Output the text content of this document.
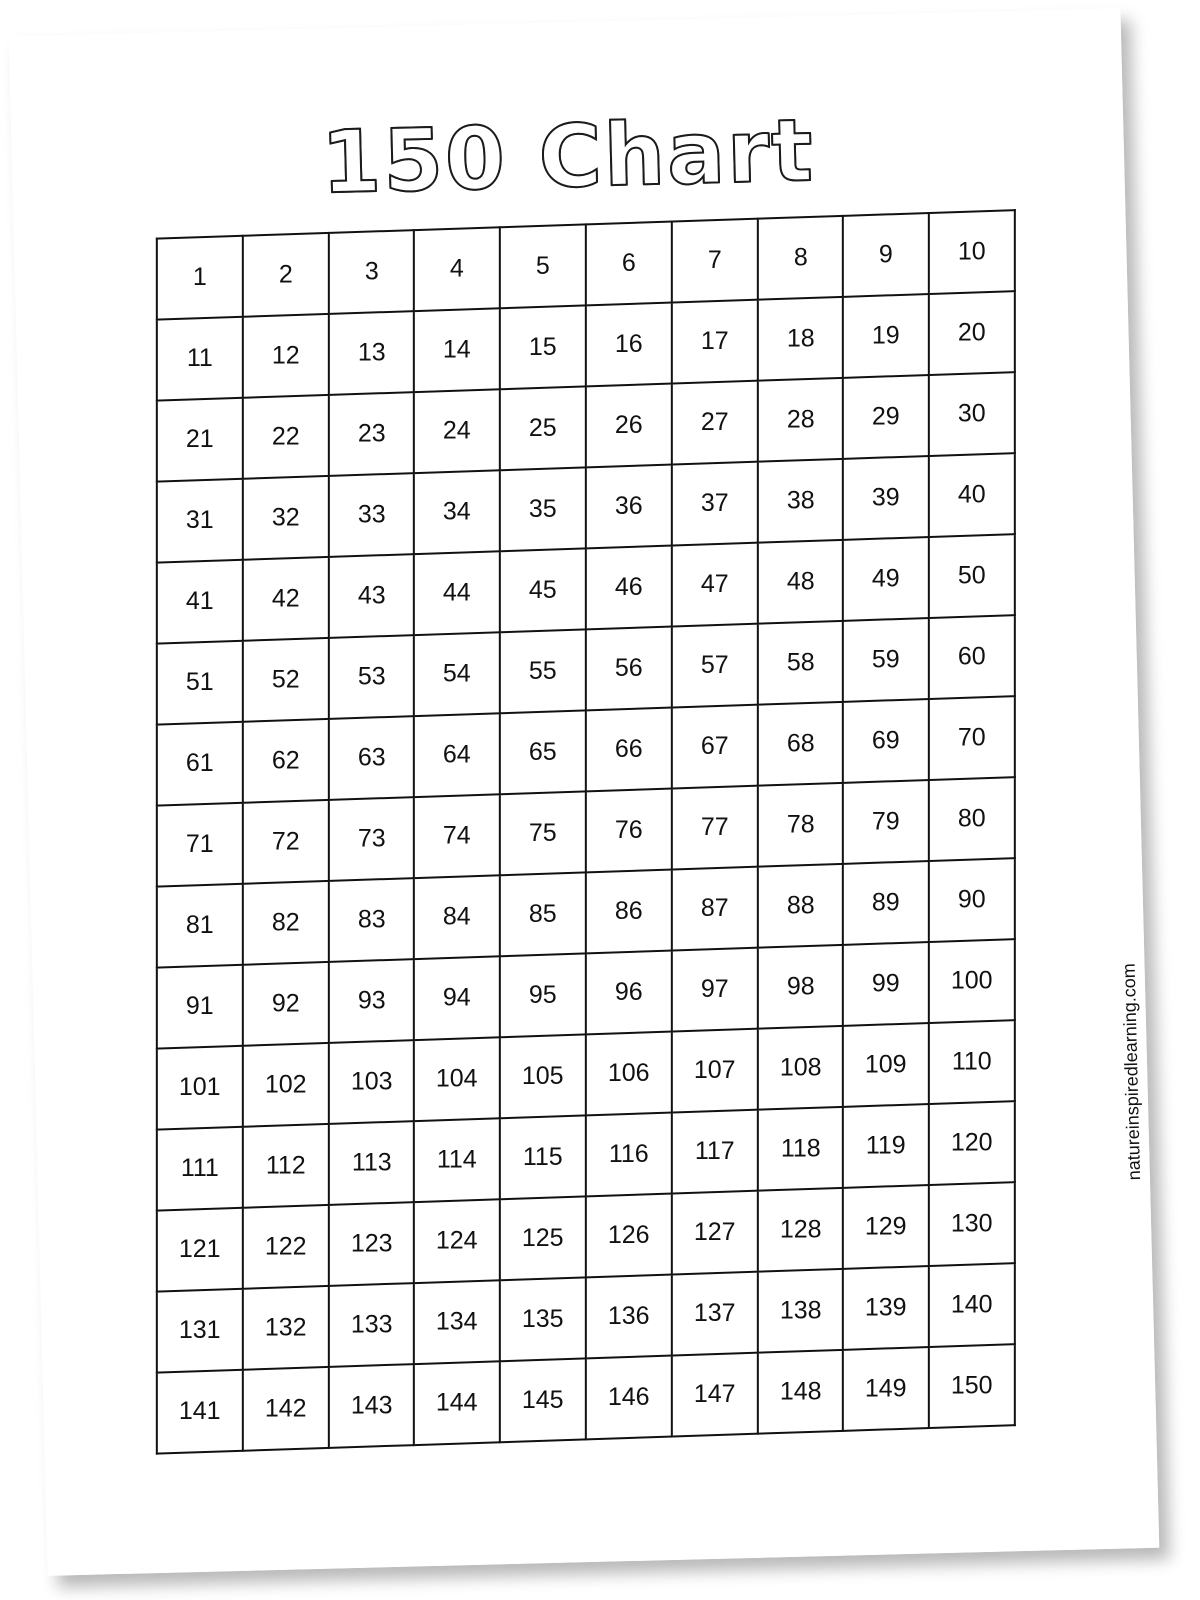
150 Chart
1	2	3	4	5	6	7	8	9	10
11	12	13	14	15	16	17	18	19	20
21	22	23	24	25	26	27	28	29	30
31	32	33	34	35	36	37	38	39	40
41	42	43	44	45	46	47	48	49	50
51	52	53	54	55	56	57	58	59	60
61	62	63	64	65	66	67	68	69	70
71	72	73	74	75	76	77	78	79	80
81	82	83	84	85	86	87	88	89	90
91	92	93	94	95	96	97	98	99	100
101	102	103	104	105	106	107	108	109	110
111	112	113	114	115	116	117	118	119	120
121	122	123	124	125	126	127	128	129	130
131	132	133	134	135	136	137	138	139	140
141	142	143	144	145	146	147	148	149	150
natureinspiredlearning.com
